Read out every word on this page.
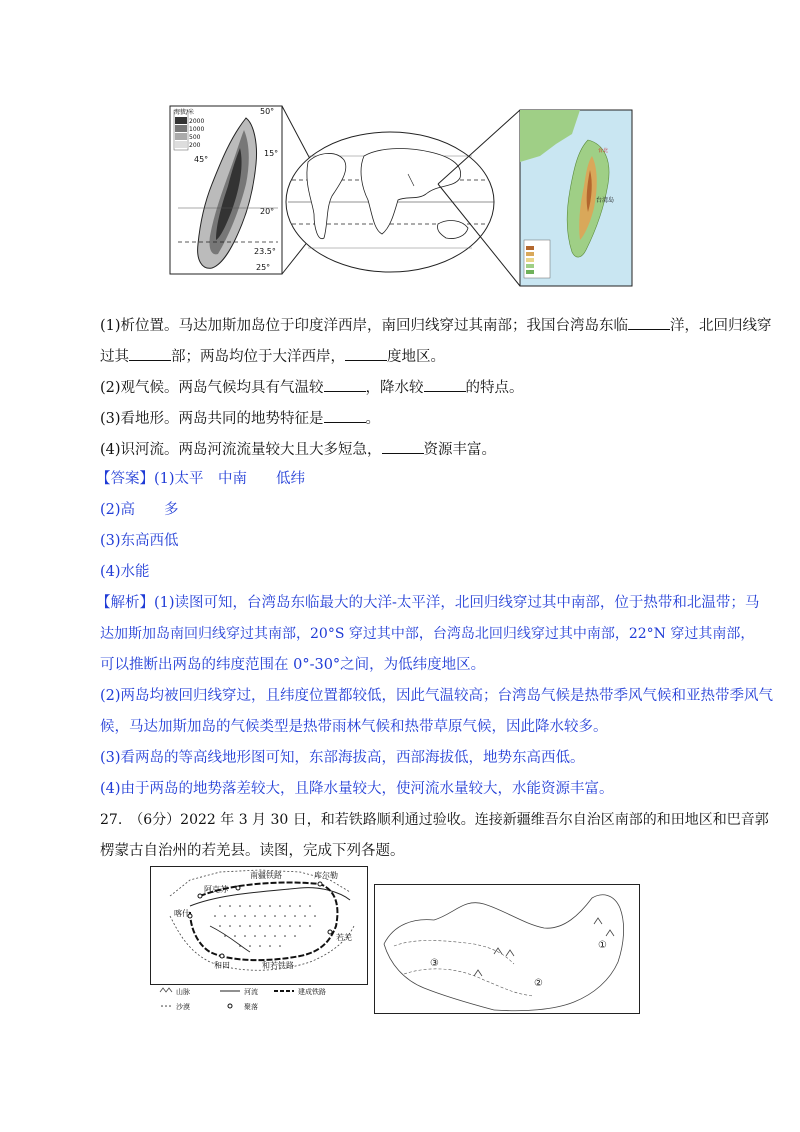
海拔/米
2000
1000
500
200
50°
15°
20°
23.5°
25°
45°
台湾岛
台北
(1)析位置。马达加斯加岛位于印度洋西岸，南回归线穿过其南部；我国台湾岛东临	洋，北回归线穿
过其	部；两岛均位于大洋西岸，	度地区。
(2)观气候。两岛气候均具有气温较	，降水较	的特点。
(3)看地形。两岛共同的地势特征是	。
(4)识河流。两岛河流流量较大且大多短急，	资源丰富。
【答案】(1)太平　中南　　低纬
(2)高　　多
(3)东高西低
(4)水能
【解析】(1)读图可知，台湾岛东临最大的大洋-太平洋，北回归线穿过其中南部，位于热带和北温带；马
达加斯加岛南回归线穿过其南部，20°S 穿过其中部，台湾岛北回归线穿过其中南部，22°N 穿过其南部，
可以推断出两岛的纬度范围在 0°-30°之间，为低纬度地区。
(2)两岛均被回归线穿过，且纬度位置都较低，因此气温较高；台湾岛气候是热带季风气候和亚热带季风气
候，马达加斯加岛的气候类型是热带雨林气候和热带草原气候，因此降水较多。
(3)看两岛的等高线地形图可知，东部海拔高，西部海拔低，地势东高西低。
(4)由于两岛的地势落差较大，且降水量较大，使河流水量较大，水能资源丰富。
27.　（6分）2022 年 3 月 30 日，和若铁路顺利通过验收。连接新疆维吾尔自治区南部的和田地区和巴音郭
楞蒙古自治州的若羌县。读图，完成下列各题。
南疆铁路	库尔勒
阿克苏
喀什
若羌
和田	和若铁路
山脉	河流	建成铁路
沙漠	聚落
①
②
③
